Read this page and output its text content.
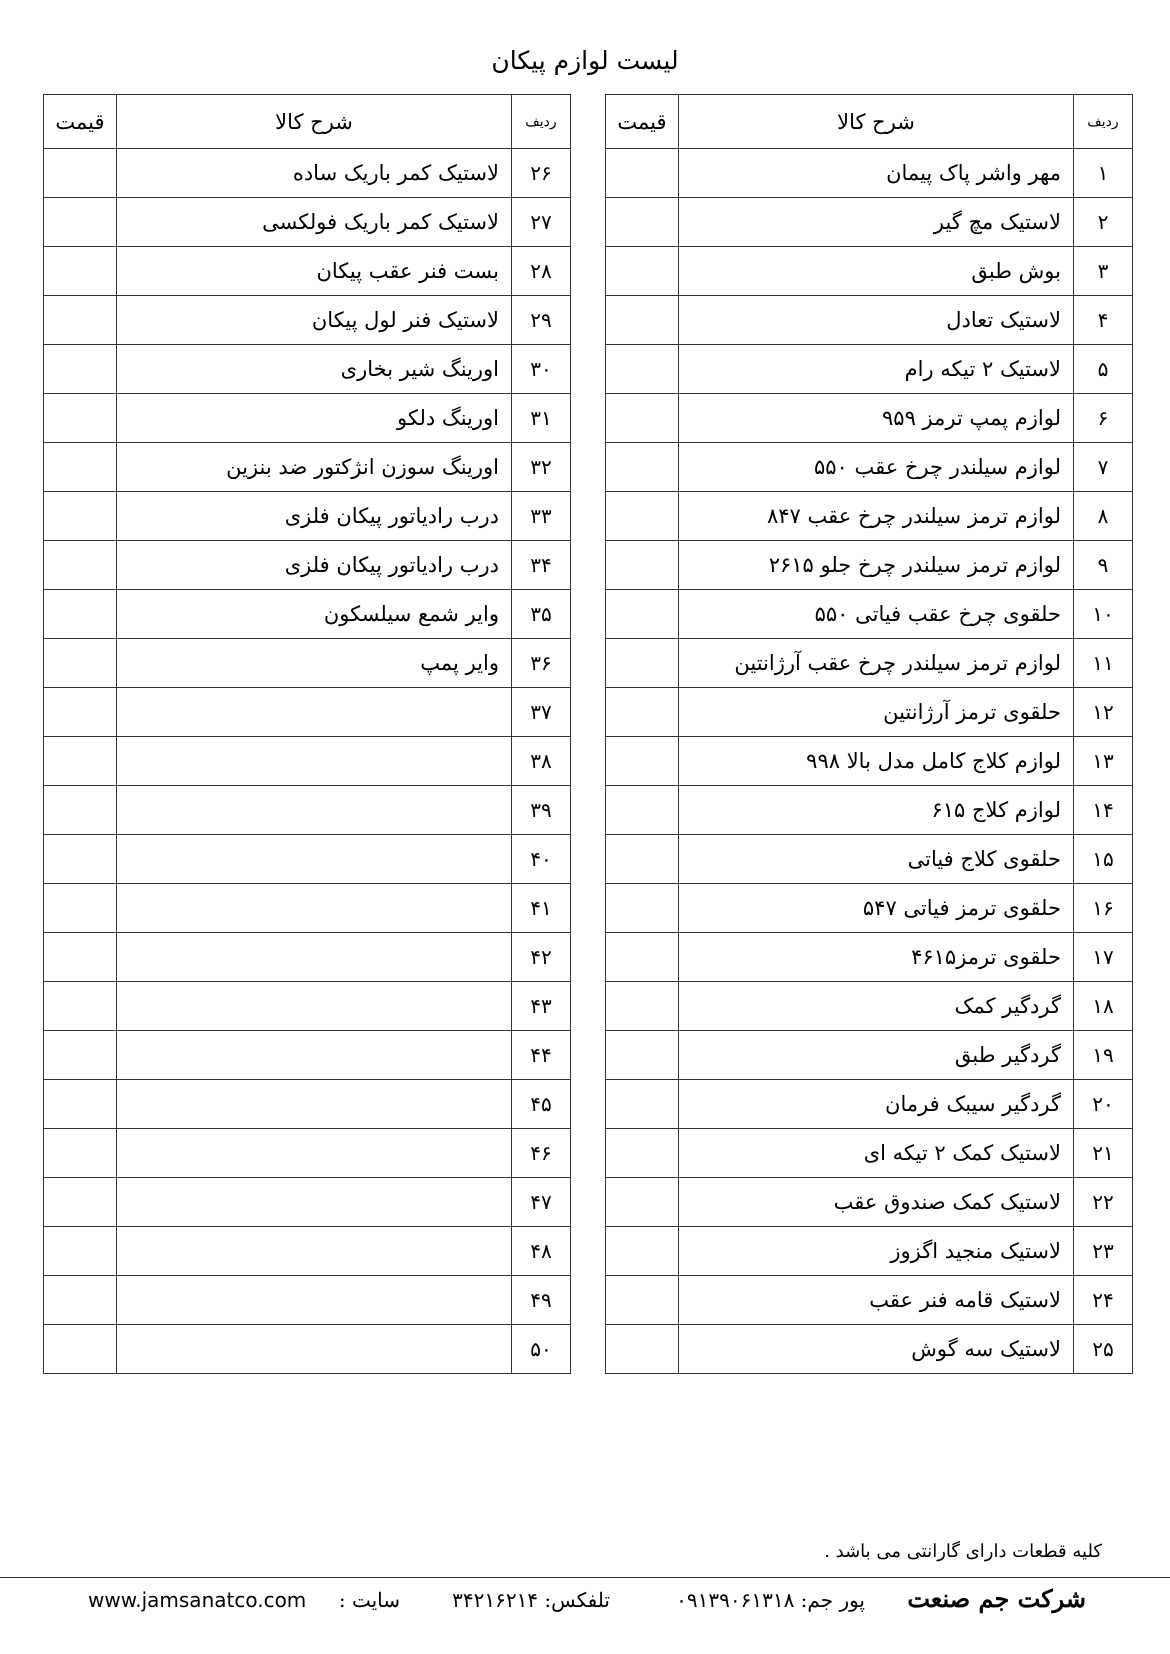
لیست لوازم پیکان
ردیف	شرح کالا	قیمت
۱	مهر واشر پاک پیمان	
۲	لاستیک مچ گیر	
۳	بوش طبق	
۴	لاستیک تعادل	
۵	لاستیک ۲ تیکه رام	
۶	لوازم پمپ ترمز ۹۵۹	
۷	لوازم سیلندر چرخ عقب ۵۵۰	
۸	لوازم ترمز سیلندر چرخ عقب ۸۴۷	
۹	لوازم ترمز سیلندر چرخ جلو ۲۶۱۵	
۱۰	حلقوی چرخ عقب فیاتی ۵۵۰	
۱۱	لوازم ترمز سیلندر چرخ عقب آرژانتین	
۱۲	حلقوی ترمز آرژانتین	
۱۳	لوازم کلاج کامل مدل بالا ۹۹۸	
۱۴	لوازم کلاج ۶۱۵	
۱۵	حلقوی کلاج فیاتی	
۱۶	حلقوی ترمز فیاتی ۵۴۷	
۱۷	حلقوی ترمز۴۶۱۵	
۱۸	گردگیر کمک	
۱۹	گردگیر طبق	
۲۰	گردگیر سیبک فرمان	
۲۱	لاستیک کمک ۲ تیکه ای	
۲۲	لاستیک کمک صندوق عقب	
۲۳	لاستیک منجید اگزوز	
۲۴	لاستیک قامه فنر عقب	
۲۵	لاستیک سه گوش	
ردیف	شرح کالا	قیمت
۲۶	لاستیک کمر باریک ساده	
۲۷	لاستیک کمر باریک فولکسی	
۲۸	بست فنر عقب پیکان	
۲۹	لاستیک فنر لول پیکان	
۳۰	اورینگ شیر بخاری	
۳۱	اورینگ دلکو	
۳۲	اورینگ سوزن انژکتور ضد بنزین	
۳۳	درب رادیاتور پیکان فلزی	
۳۴	درب رادیاتور پیکان فلزی	
۳۵	وایر شمع سیلسکون	
۳۶	وایر پمپ	
۳۷		
۳۸		
۳۹		
۴۰		
۴۱		
۴۲		
۴۳		
۴۴		
۴۵		
۴۶		
۴۷		
۴۸		
۴۹		
۵۰		
کلیه قطعات دارای گارانتی می باشد .
شرکت جم صنعت
پور جم: ۰۹۱۳۹۰۶۱۳۱۸
تلفکس: ۳۴۲۱۶۲۱۴
سایت :
www.jamsanatco.com
